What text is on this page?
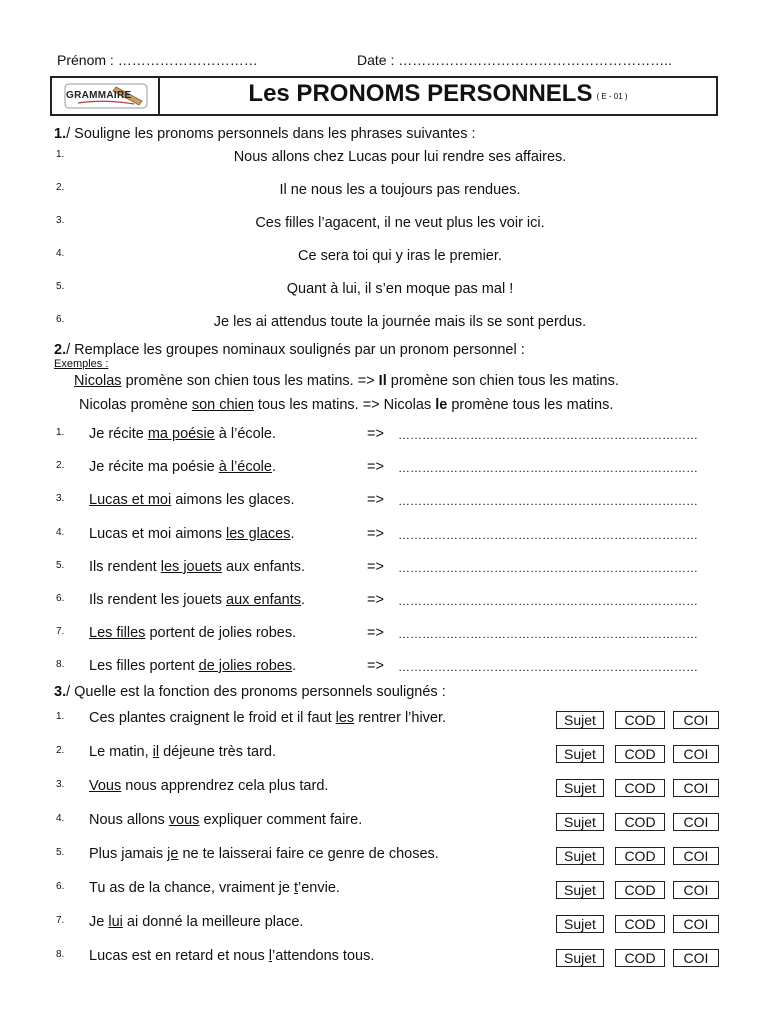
Prénom : …………………………	Date : …………………………………………………..
GRAMMAIRE	Les PRONOMS PERSONNELS ( E - 01 )
1./ Souligne les pronoms personnels dans les phrases suivantes :
1.	Nous allons chez Lucas pour lui rendre ses affaires.
2.	Il ne nous les a toujours pas rendues.
3.	Ces filles l’agacent, il ne veut plus les voir ici.
4.	Ce sera toi qui y iras le premier.
5.	Quant à lui, il s’en moque pas mal !
6.	Je les ai attendus toute la journée mais ils se sont perdus.
2./ Remplace les groupes nominaux soulignés par un pronom personnel :
Exemples :
Nicolas promène son chien tous les matins. => Il promène son chien tous les matins.
Nicolas promène son chien tous les matins. => Nicolas le promène tous les matins.
1. Je récite ma poésie à l’école.	=> …………………………………………………………………
2. Je récite ma poésie à l’école.	=> …………………………………………………………………
3. Lucas et moi aimons les glaces.	=> …………………………………………………………………
4. Lucas et moi aimons les glaces.	=> …………………………………………………………………
5. Ils rendent les jouets aux enfants.	=> …………………………………………………………………
6. Ils rendent les jouets aux enfants.	=> …………………………………………………………………
7. Les filles portent de jolies robes.	=> …………………………………………………………………
8. Les filles portent de jolies robes.	=> …………………………………………………………………
3./ Quelle est la fonction des pronoms personnels soulignés :
1. Ces plantes craignent le froid et il faut les rentrer l’hiver.	Sujet	COD	COI
2. Le matin, il déjeune très tard.	Sujet	COD	COI
3. Vous nous apprendrez cela plus tard.	Sujet	COD	COI
4. Nous allons vous expliquer comment faire.	Sujet	COD	COI
5. Plus jamais je ne te laisserai faire ce genre de choses.	Sujet	COD	COI
6. Tu as de la chance, vraiment je t’envie.	Sujet	COD	COI
7. Je lui ai donné la meilleure place.	Sujet	COD	COI
8. Lucas est en retard et nous l’attendons tous.	Sujet	COD	COI
